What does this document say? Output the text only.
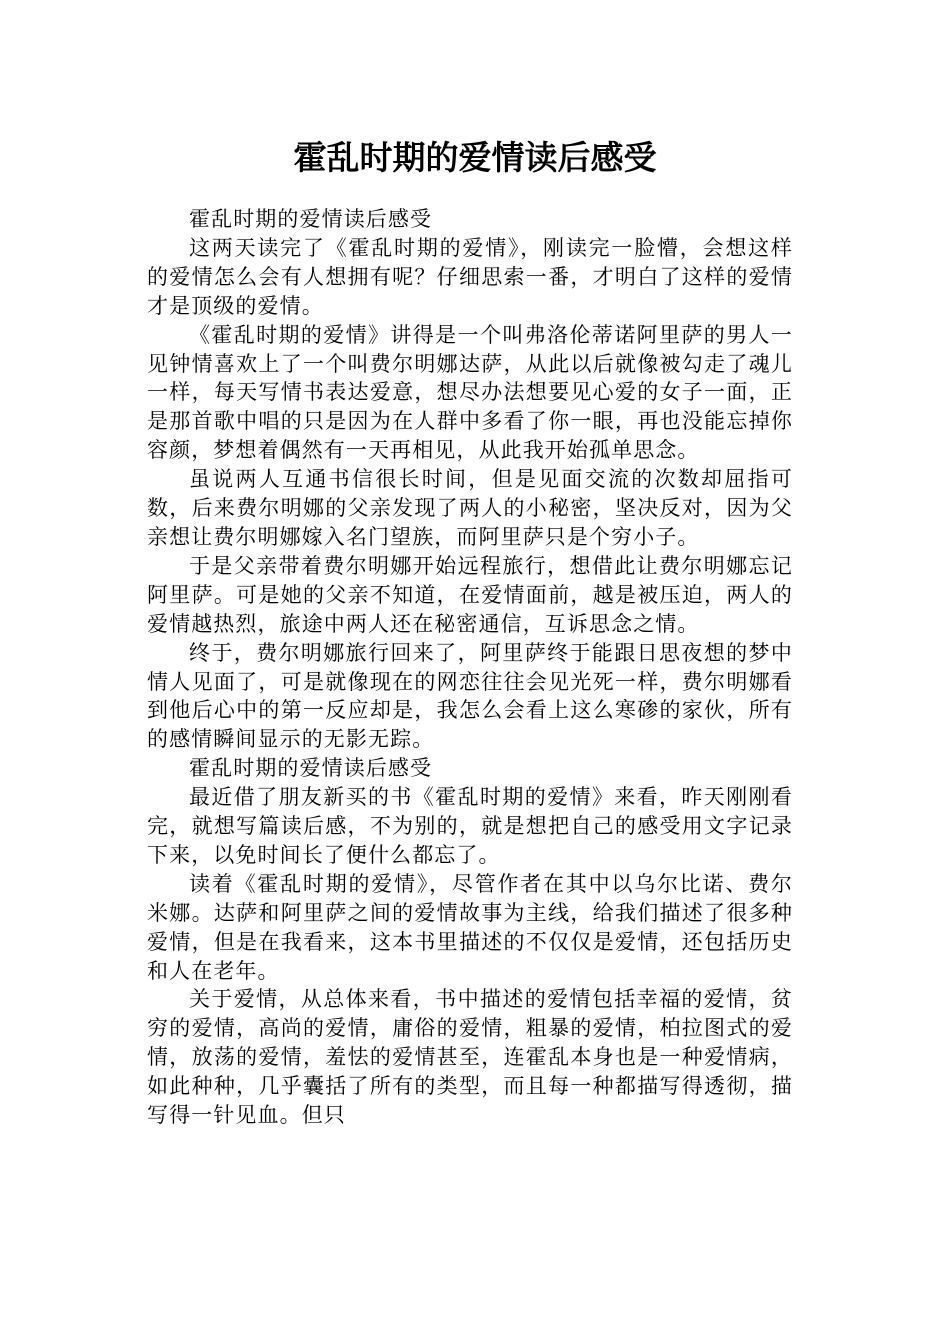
霍乱时期的爱情读后感受

霍乱时期的爱情读后感受

这两天读完了《霍乱时期的爱情》，刚读完一脸懵，会想这样的爱情怎么会有人想拥有呢？仔细思索一番，才明白了这样的爱情才是顶级的爱情。

《霍乱时期的爱情》讲得是一个叫弗洛伦蒂诺阿里萨的男人一见钟情喜欢上了一个叫费尔明娜达萨，从此以后就像被勾走了魂儿一样，每天写情书表达爱意，想尽办法想要见心爱的女子一面，正是那首歌中唱的只是因为在人群中多看了你一眼，再也没能忘掉你容颜，梦想着偶然有一天再相见，从此我开始孤单思念。

虽说两人互通书信很长时间，但是见面交流的次数却屈指可数，后来费尔明娜的父亲发现了两人的小秘密，坚决反对，因为父亲想让费尔明娜嫁入名门望族，而阿里萨只是个穷小子。

于是父亲带着费尔明娜开始远程旅行，想借此让费尔明娜忘记阿里萨。可是她的父亲不知道，在爱情面前，越是被压迫，两人的爱情越热烈，旅途中两人还在秘密通信，互诉思念之情。

终于，费尔明娜旅行回来了，阿里萨终于能跟日思夜想的梦中情人见面了，可是就像现在的网恋往往会见光死一样，费尔明娜看到他后心中的第一反应却是，我怎么会看上这么寒碜的家伙，所有的感情瞬间显示的无影无踪。

霍乱时期的爱情读后感受

最近借了朋友新买的书《霍乱时期的爱情》来看，昨天刚刚看完，就想写篇读后感，不为别的，就是想把自己的感受用文字记录下来，以免时间长了便什么都忘了。

读着《霍乱时期的爱情》，尽管作者在其中以乌尔比诺、费尔米娜。达萨和阿里萨之间的爱情故事为主线，给我们描述了很多种爱情，但是在我看来，这本书里描述的不仅仅是爱情，还包括历史和人在老年。

关于爱情，从总体来看，书中描述的爱情包括幸福的爱情，贫穷的爱情，高尚的爱情，庸俗的爱情，粗暴的爱情，柏拉图式的爱情，放荡的爱情，羞怯的爱情甚至，连霍乱本身也是一种爱情病，如此种种，几乎囊括了所有的类型，而且每一种都描写得透彻，描写得一针见血。但只
